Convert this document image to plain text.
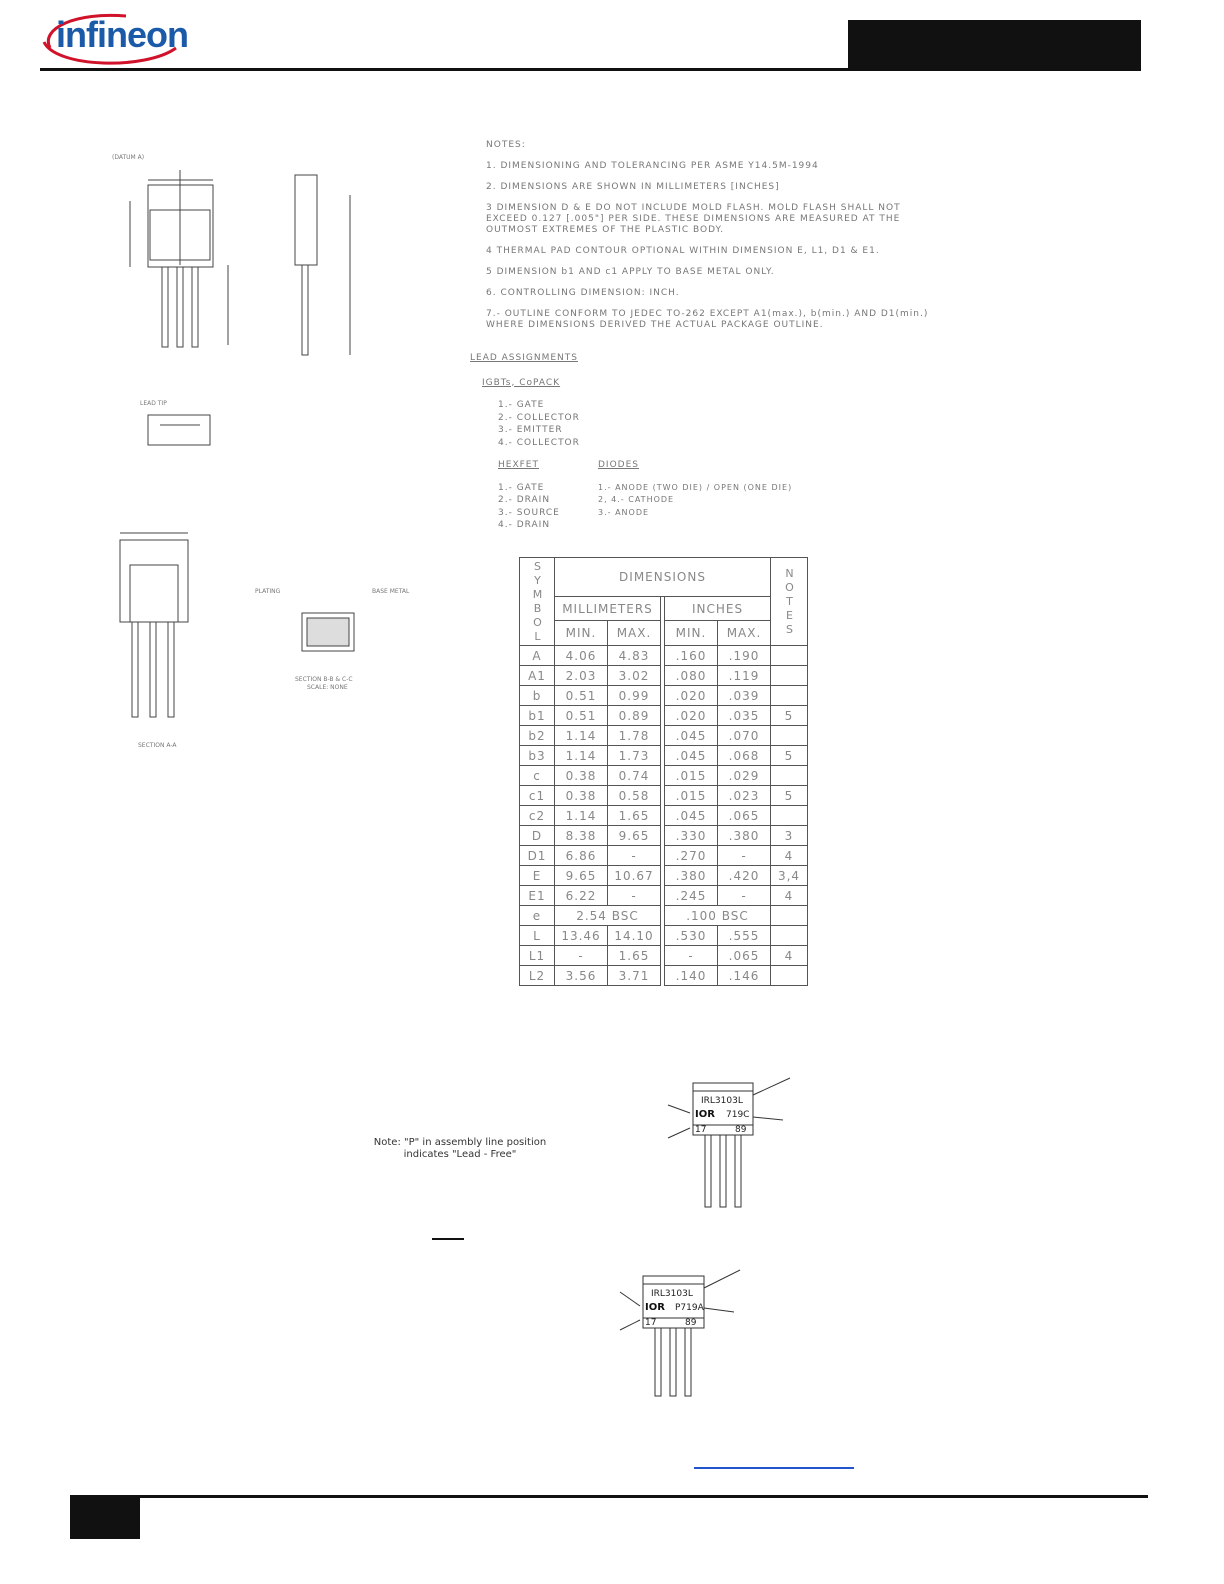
infineon
(DATUM A)
LEAD TIP
SECTION A-A
PLATING	BASE METAL
SECTION B-B & C-C
SCALE: NONE

NOTES:

1. DIMENSIONING AND TOLERANCING PER ASME Y14.5M-1994

2. DIMENSIONS ARE SHOWN IN MILLIMETERS [INCHES]

3 DIMENSION D & E DO NOT INCLUDE MOLD FLASH. MOLD FLASH SHALL NOT EXCEED 0.127 [.005"] PER SIDE. THESE DIMENSIONS ARE MEASURED AT THE OUTMOST EXTREMES OF THE PLASTIC BODY.

4 THERMAL PAD CONTOUR OPTIONAL WITHIN DIMENSION E, L1, D1 & E1.

5 DIMENSION b1 AND c1 APPLY TO BASE METAL ONLY.

6. CONTROLLING DIMENSION: INCH.

7.- OUTLINE CONFORM TO JEDEC TO-262 EXCEPT A1(max.), b(min.) AND D1(min.) WHERE DIMENSIONS DERIVED THE ACTUAL PACKAGE OUTLINE.

LEAD ASSIGNMENTS
IGBTs, CoPACK
1.- GATE
2.- COLLECTOR
3.- EMITTER
4.- COLLECTOR
HEXFET
1.- GATE
2.- DRAIN
3.- SOURCE
4.- DRAIN
DIODES
1.- ANODE (TWO DIE) / OPEN (ONE DIE)
2, 4.- CATHODE
3.- ANODE
SYMBOL	DIMENSIONS					NOTES
	MILLIMETERS			INCHES		
	MIN.	MAX.		MIN.	MAX.	
A	4.06	4.83		.160	.190	
A1	2.03	3.02		.080	.119	
b	0.51	0.99		.020	.039	
b1	0.51	0.89		.020	.035	5
b2	1.14	1.78		.045	.070	
b3	1.14	1.73		.045	.068	5
c	0.38	0.74		.015	.029	
c1	0.38	0.58		.015	.023	5
c2	1.14	1.65		.045	.065	
D	8.38	9.65		.330	.380	3
D1	6.86	-		.270	-	4
E	9.65	10.67		.380	.420	3,4
E1	6.22	-		.245	-	4
e	2.54 BSC			.100 BSC		
L	13.46	14.10		.530	.555	
L1	-	1.65		-	.065	4
L2	3.56	3.71		.140	.146	
Note: "P" in assembly line position indicates "Lead - Free"
IRL3103L
IOR 719C
17	89
IRL3103L
IOR P719A
17	89
